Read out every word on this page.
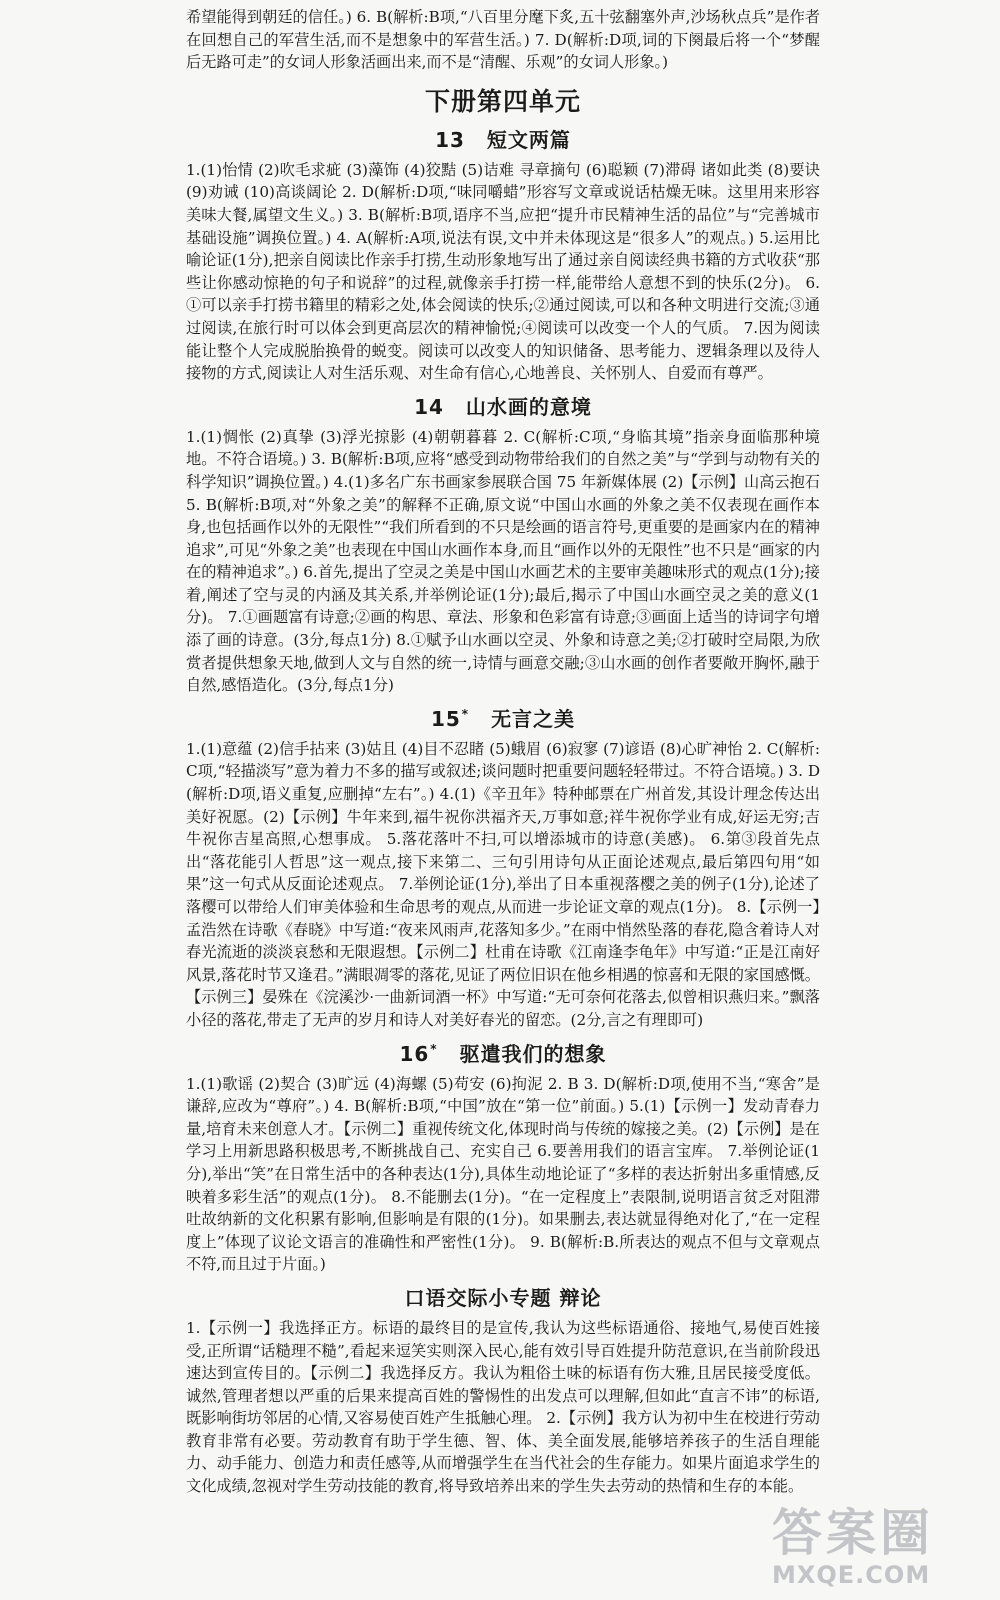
希望能得到朝廷的信任。) 6. B(解析:B项,“八百里分麾下炙,五十弦翻塞外声,沙场秋点兵”是作者在回想自己的军营生活,而不是想象中的军营生活。) 7. D(解析:D项,词的下阕最后将一个“梦醒后无路可走”的女词人形象活画出来,而不是“清醒、乐观”的女词人形象。)

下册第四单元
13 短文两篇

1.(1)怡情 (2)吹毛求疵 (3)藻饰 (4)狡黠 (5)诘难 寻章摘句 (6)聪颖 (7)滞碍 诸如此类 (8)要诀 (9)劝诫 (10)高谈阔论 2. D(解析:D项,“味同嚼蜡”形容写文章或说话枯燥无味。这里用来形容美味大餐,属望文生义。) 3. B(解析:B项,语序不当,应把“提升市民精神生活的品位”与“完善城市基础设施”调换位置。) 4. A(解析:A项,说法有误,文中并未体现这是“很多人”的观点。) 5.运用比喻论证(1分),把亲自阅读比作亲手打捞,生动形象地写出了通过亲自阅读经典书籍的方式收获“那些让你感动惊艳的句子和说辞”的过程,就像亲手打捞一样,能带给人意想不到的快乐(2分)。 6.①可以亲手打捞书籍里的精彩之处,体会阅读的快乐;②通过阅读,可以和各种文明进行交流;③通过阅读,在旅行时可以体会到更高层次的精神愉悦;④阅读可以改变一个人的气质。 7.因为阅读能让整个人完成脱胎换骨的蜕变。阅读可以改变人的知识储备、思考能力、逻辑条理以及待人接物的方式,阅读让人对生活乐观、对生命有信心,心地善良、关怀别人、自爱而有尊严。

14 山水画的意境

1.(1)惆怅 (2)真挚 (3)浮光掠影 (4)朝朝暮暮 2. C(解析:C项,“身临其境”指亲身面临那种境地。不符合语境。) 3. B(解析:B项,应将“感受到动物带给我们的自然之美”与“学到与动物有关的科学知识”调换位置。) 4.(1)多名广东书画家参展联合国 75 年新媒体展 (2)【示例】山高云抱石 5. B(解析:B项,对“外象之美”的解释不正确,原文说“中国山水画的外象之美不仅表现在画作本身,也包括画作以外的无限性”“我们所看到的不只是绘画的语言符号,更重要的是画家内在的精神追求”,可见“外象之美”也表现在中国山水画作本身,而且“画作以外的无限性”也不只是“画家的内在的精神追求”。) 6.首先,提出了空灵之美是中国山水画艺术的主要审美趣味形式的观点(1分);接着,阐述了空与灵的内涵及其关系,并举例论证(1分);最后,揭示了中国山水画空灵之美的意义(1分)。 7.①画题富有诗意;②画的构思、章法、形象和色彩富有诗意;③画面上适当的诗词字句增添了画的诗意。(3分,每点1分) 8.①赋予山水画以空灵、外象和诗意之美;②打破时空局限,为欣赏者提供想象天地,做到人文与自然的统一,诗情与画意交融;③山水画的创作者要敞开胸怀,融于自然,感悟造化。(3分,每点1分)

15* 无言之美

1.(1)意蕴 (2)信手拈来 (3)姑且 (4)目不忍睹 (5)蛾眉 (6)寂寥 (7)谚语 (8)心旷神怡 2. C(解析:C项,“轻描淡写”意为着力不多的描写或叙述;谈问题时把重要问题轻轻带过。不符合语境。) 3. D(解析:D项,语义重复,应删掉“左右”。) 4.(1)《辛丑年》特种邮票在广州首发,其设计理念传达出美好祝愿。(2)【示例】牛年来到,福牛祝你洪福齐天,万事如意;祥牛祝你学业有成,好运无穷;吉牛祝你吉星高照,心想事成。 5.落花落叶不扫,可以增添城市的诗意(美感)。 6.第③段首先点出“落花能引人哲思”这一观点,接下来第二、三句引用诗句从正面论述观点,最后第四句用“如果”这一句式从反面论述观点。 7.举例论证(1分),举出了日本重视落樱之美的例子(1分),论述了落樱可以带给人们审美体验和生命思考的观点,从而进一步论证文章的观点(1分)。 8.【示例一】孟浩然在诗歌《春晓》中写道:“夜来风雨声,花落知多少。”在雨中悄然坠落的春花,隐含着诗人对春光流逝的淡淡哀愁和无限遐想。【示例二】杜甫在诗歌《江南逢李龟年》中写道:“正是江南好风景,落花时节又逢君。”满眼凋零的落花,见证了两位旧识在他乡相遇的惊喜和无限的家国感慨。【示例三】晏殊在《浣溪沙·一曲新词酒一杯》中写道:“无可奈何花落去,似曾相识燕归来。”飘落小径的落花,带走了无声的岁月和诗人对美好春光的留恋。(2分,言之有理即可)

16* 驱遣我们的想象

1.(1)歌谣 (2)契合 (3)旷远 (4)海螺 (5)苟安 (6)拘泥 2. B 3. D(解析:D项,使用不当,“寒舍”是谦辞,应改为“尊府”。) 4. B(解析:B项,“中国”放在“第一位”前面。) 5.(1)【示例一】发动青春力量,培育未来创意人才。【示例二】重视传统文化,体现时尚与传统的嫁接之美。(2)【示例】是在学习上用新思路积极思考,不断挑战自己、充实自己 6.要善用我们的语言宝库。 7.举例论证(1分),举出“笑”在日常生活中的各种表达(1分),具体生动地论证了“多样的表达折射出多重情感,反映着多彩生活”的观点(1分)。 8.不能删去(1分)。“在一定程度上”表限制,说明语言贫乏对阻滞吐故纳新的文化积累有影响,但影响是有限的(1分)。如果删去,表达就显得绝对化了,“在一定程度上”体现了议论文语言的准确性和严密性(1分)。 9. B(解析:B.所表达的观点不但与文章观点不符,而且过于片面。)

口语交际小专题 辩论

1.【示例一】我选择正方。标语的最终目的是宣传,我认为这些标语通俗、接地气,易使百姓接受,正所谓“话糙理不糙”,看起来逗笑实则深入民心,能有效引导百姓提升防范意识,在当前阶段迅速达到宣传目的。【示例二】我选择反方。我认为粗俗土味的标语有伤大雅,且居民接受度低。诚然,管理者想以严重的后果来提高百姓的警惕性的出发点可以理解,但如此“直言不讳”的标语,既影响街坊邻居的心情,又容易使百姓产生抵触心理。 2.【示例】我方认为初中生在校进行劳动教育非常有必要。劳动教育有助于学生德、智、体、美全面发展,能够培养孩子的生活自理能力、动手能力、创造力和责任感等,从而增强学生在当代社会的生存能力。如果片面追求学生的文化成绩,忽视对学生劳动技能的教育,将导致培养出来的学生失去劳动的热情和生存的本能。

答案圈
MXQE.COM
